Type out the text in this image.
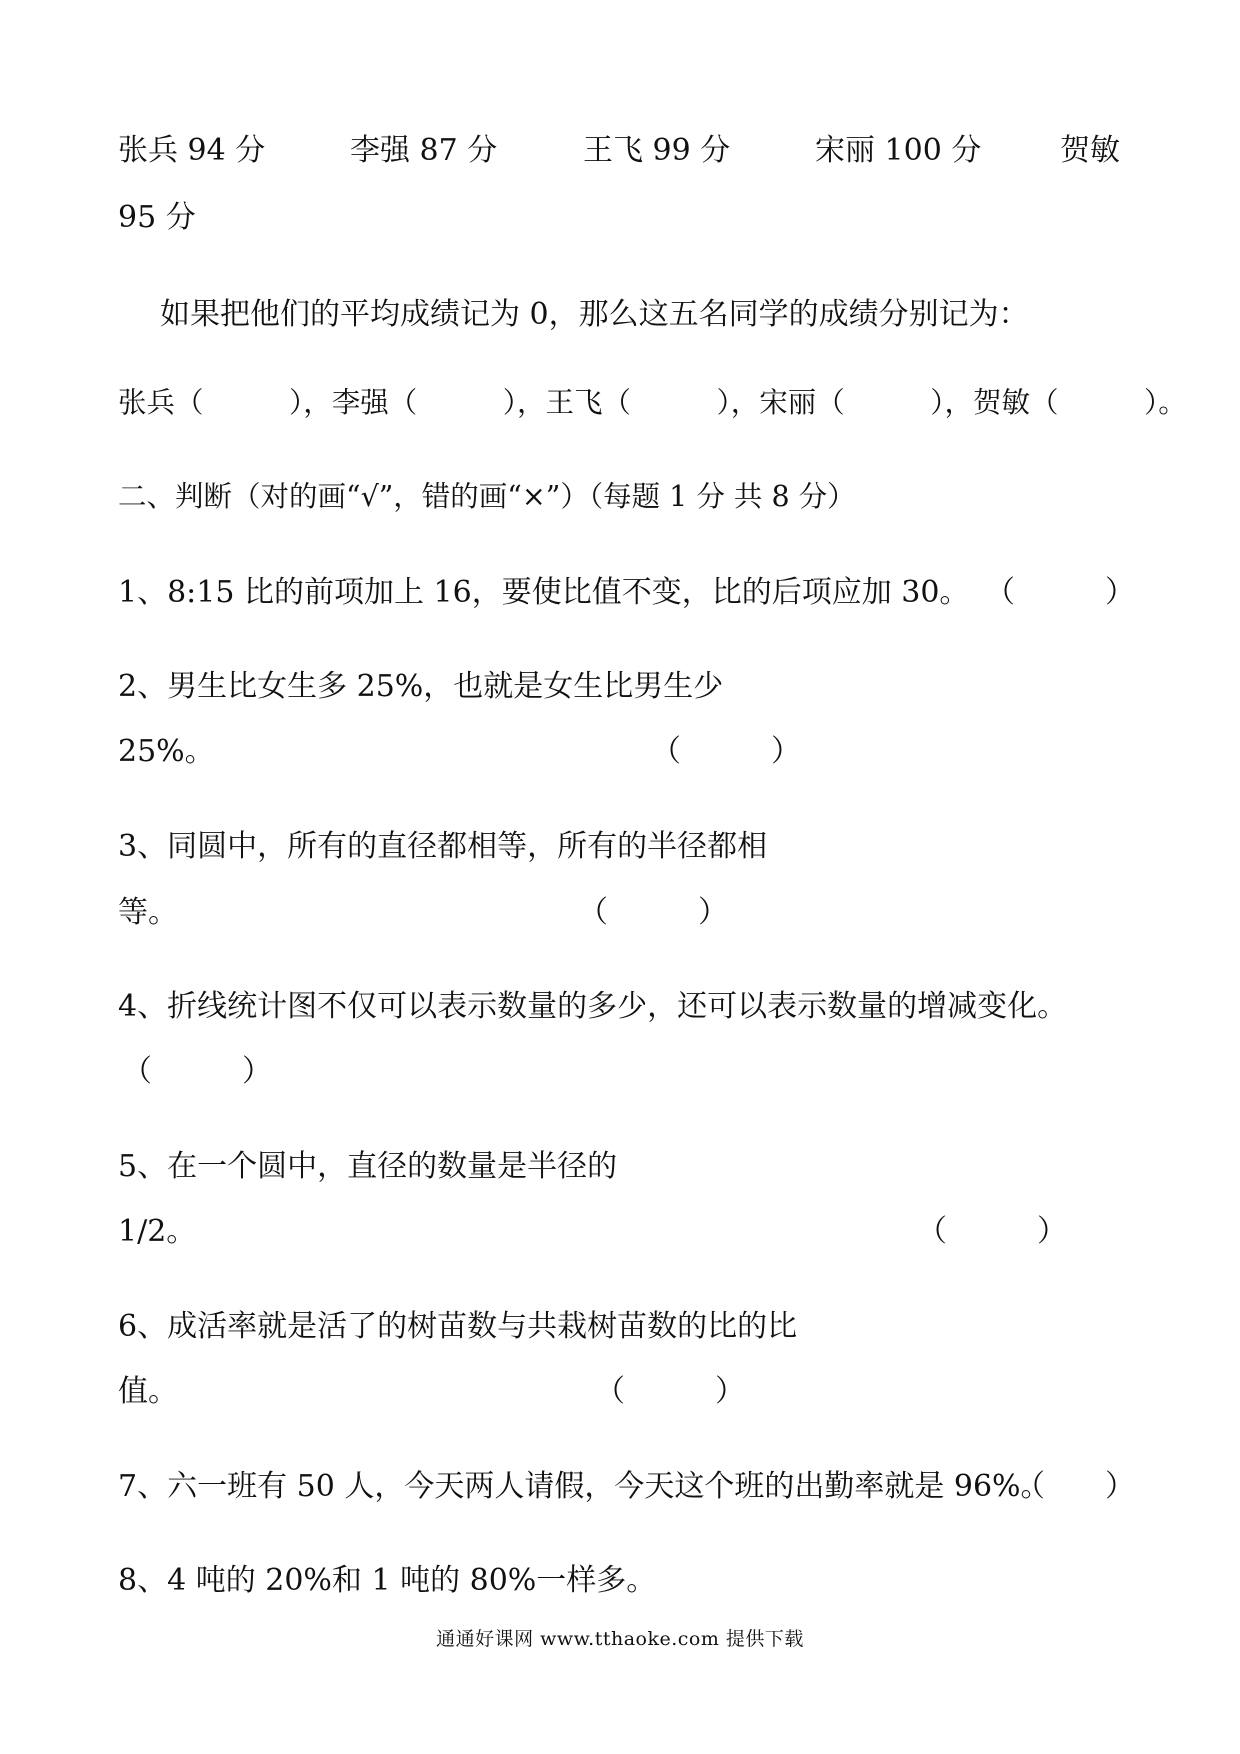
张兵 94 分	李强 87 分	王飞 99 分	宋丽 100 分	贺敏
95 分
如果把他们的平均成绩记为 0，那么这五名同学的成绩分别记为：
张兵（　　　），李强（　　　），王飞（　　　），宋丽（　　　），贺敏（　　　）。
二、判断（对的画“√”，错的画“×”）（每题 1 分 共 8 分）
1、8:15 比的前项加上 16，要使比值不变，比的后项应加 30。 （　　　）
2、男生比女生多 25%，也就是女生比男生少
25%。	（　　　）
3、同圆中，所有的直径都相等，所有的半径都相
等。	（　　　）
4、折线统计图不仅可以表示数量的多少，还可以表示数量的增减变化。
（　　　）
5、在一个圆中，直径的数量是半径的
1/2。	（　　　）
6、成活率就是活了的树苗数与共栽树苗数的比的比
值。	（　　　）
7、六一班有 50 人，今天两人请假，今天这个班的出勤率就是 96%。
（　　）
8、4 吨的 20%和 1 吨的 80%一样多。
通通好课网 www.tthaoke.com 提供下载
